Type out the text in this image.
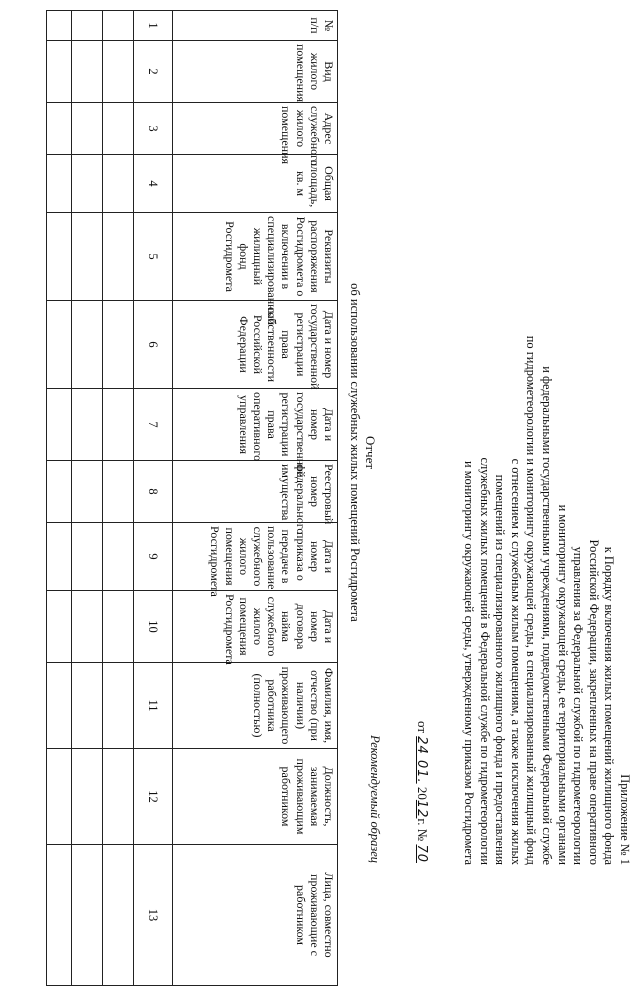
Приложение № 1
к Порядку включения жилых помещений жилищного фонда
Российской Федерации, закрепленных на праве оперативного
управления за Федеральной службой по гидрометеорологии
и мониторингу окружающей среды, ее территориальными органами
и федеральными государственными учреждениями, подведомственными Федеральной службе
по гидрометеорологии и мониторингу окружающей среды, в специализированный жилищный фонд
с отнесением к служебным жилым помещениям, а также исключения жилых
помещений из специализированного жилищного фонда и предоставления
служебных жилых помещений в Федеральной службе по гидрометеорологии
и мониторингу окружающей среды, утвержденному приказом Росгидромета
от 24 01. 2012г. № 70
Рекомендуемый образец
Отчет
об использовании служебных жилых помещений Росгидромета
№ п/п	Вид жилого помещения	Адрес служебного жилого помещения	Общая площадь, кв. м	Реквизиты распоряжения Росгидромета о включении в специализированный жилищный фонд Росгидромета	Дата и номер государственной регистрации права собственности Российской Федерации	Дата и номер государственной регистрации права оперативного управления	Реестровый номер федерального имущества	Дата и номер приказа о передаче в пользование служебного жилого помещения Росгидромета	Дата и номер договора найма служебного жилого помещения Росгидромета	Фамилия, имя, отчество (при наличии) проживающего работника (полностью)	Должность, занимаемая проживающим работником	Лица, совместно проживающие с работником
1	2	3	4	5	6	7	8	9	10	11	12	13
